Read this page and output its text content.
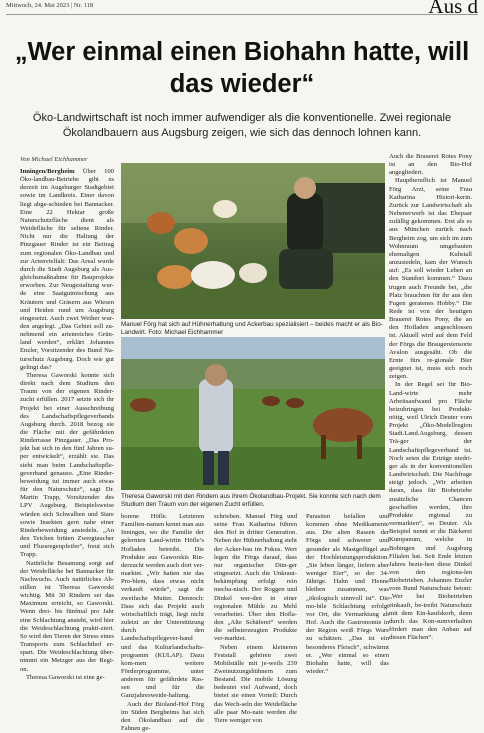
Mittwoch, 24. Mai 2023 | Nr. 118	Aus d
„Wer einmal einen Biohahn hatte, will das wieder“
Öko-Landwirtschaft ist noch immer aufwendiger als die konventionelle. Zwei regionale Ökolandbauern aus Augsburg zeigen, wie sich das dennoch lohnen kann.
Von Michael Eichhammer

Inningen/Bergheim Über 100 Öko-landbau-Betriebe gibt es derzeit im Augsburger Stadtgebiet sowie im Landkreis. Einer davon liegt abge-schieden bei Bannacker. Eine 22 Hektar große Naturschutzfläche dient als Weidefläche für seltene Rinder. Nicht nur die Haltung der Pinzgauer Rinder ist ein Beitrag zum regionalen Öko-Landbau und zur Artenvielfalt: Das Areal wurde durch die Stadt Augsburg als Aus-gleichsmaßnahme für Bauprojekte erworben. Zur Neugestaltung wur-de eine Saatgutmischung aus Kräutern und Gräsern aus Wiesen und Heiden rund um Augsburg eingesetzt. Auch zwei Weiher wur-den angelegt. „Das Gebiet soll zu-nehmend ein artenreiches Grün-land werden“, erklärt Johannes Enzler, Vorsitzender des Bund Na-turschutz Augsburg. Doch wie gut gelingt das?

Theresa Gaworski konnte sich direkt nach dem Studium den Traum von der eigenen Rinder-zucht erfüllen. 2017 setzte sich ihr Projekt bei einer Ausschreibung des Landschaftspflegeverbands Augsburg durch. 2018 bezog sie die Fläche mit der gefährdeten Rinderrasse Pinzgauer. „Das Pro-jekt hat sich in den fünf Jahren su-per entwickelt“, erzählt sie. Das sieht man beim Landschaftspfle-geverband genauso. „Eine Rinder-beweidung tut immer auch etwas für den Naturschutz“, sagt Dr. Martin Trapp, Vorsitzender des LPV Augsburg. Beispielsweise würden sich Schwalben und Stare sowie Insekten gern nahe einer Rinderbeweidung ansiedeln. „An den Teichen brüten Zwergtaucher und Flussregenpfeifer“, freut sich Trapp.

Natürliche Besamung sorgt auf der Weidefläche bei Bannacker für Nachwuchs. Auch natürliches Ab-stillen ist Theresa Gaworski wichtig. Mit 30 Rindern sei das Maximum erreicht, so Gaworski. Wenn drei- bis fünfmal pro Jahr eine Schlachtung ansteht, wird hier die Weideschlachtung prakti-ziert. So wird den Tieren der Stress eines Transports zum Schlachthof er-spart. Die Weideschlachtung über-nimmt ein Metzger aus der Regi-on.

Theresa Gaworski ist eine ge-

Manuel Förg hat sich auf Hühnerhaltung und Ackerbau spezialisiert – beides macht er als Bio-Landwirt. Foto: Michael Eichhammer
Theresa Gaworski mit den Rindern aus ihrem Ökolandbau-Projekt. Sie konnte sich nach dem Studium den Traum von der eigenen Zucht erfüllen.

borene Höfle. Letzteren Familien-namen kennt man aus Inningen, wo die Familie der gelernten Land-wirtin Höfle’s Hofladen betreibt. Die Produkte aus Gaworskis Rin-derzucht werden auch dort ver-marktet. „Wir hatten nie das Pro-blem, dass etwas nicht verkauft würde“, sagt die zweifache Mutter. Dennoch: Dass sich das Projekt auch wirtschaftlich trägt, liegt nicht zuletzt an der Unterstützung durch den Landschaftspflegever-band und das Kulturlandschafts-programm (KULAP). Dazu kom-men weitere Förderprogramme, unter anderem für gefährdete Ras-sen und für die Ganzjahresweide-haltung.

Auch der Bioland-Hof Förg im Süden Bergheims hat sich den Ökolandbau auf die Fahnen ge-

schrieben. Manuel Förg und seine Frau Katharina führen den Hof in dritter Generation. Neben der Hühnerhaltung steht der Acker-bau im Fokus. Wert legen die Förgs darauf, dass nur organischer Dün-ger eingesetzt. Auch die Unkraut-bekämpfung erfolgt rein mecha-nisch. Der Roggen und Dinkel wer-den in einer regionalen Mühle zu Mehl verarbeitet. Über den Hofla-den „Alte Schäferei“ werden die selbsterzeugten Produkte ver-marktet.

Neben einem kleineren Feststall gehören zwei Mobilställe mit je-weils 239 Zweinutzungshühnern zum Bestand. Die mobile Lösung bedeutet viel Aufwand, doch bietet sie einen Vorteil: Durch das Wech-seln der Weidefläche alle paar Mo-nate werden die Tiere weniger von

Parasiten befallen und kommen ohne Medikamente aus. Die alten Rassen der Förgs sind schwerer und gesunder als Mastgeflügel aus der Hochleistungsproduktion. „Sie leben länger, liefern aber weniger Eier“, so der 34-Jährige. Hahn und Henne bleiben zusammen, was „ökologisch sinnvoll ist“. Die mo-bile Schlachtung erfolgt vor Ort, die Vermarktung ab Hof. Auch die Gastronomie in der Region weiß Förgs Ware zu schätzen. „Das ist ein besonderes Fleisch“, schwärmt er. „Wer einmal so einen Biohahn hatte, will das wieder.“

Auch die Brauerei Rotes Pony ist an den Bio-Hof angegliedert.

Hauptberuflich ist Manuel Förg Arzt, seine Frau Katharina Histori-kerin. Zurück zur Landwirtschaft als Nebenerwerb ist das Ehepaar zufällig gekommen. Erst als es aus München zurück nach Bergheim zog, um sich im zum Wohnraum umgebauten ehemaligen Kuhstall anzusiedeln, kam der Wunsch auf: „Es soll wieder Leben an den Standort kommen.“ Dazu trugen auch Freunde bei, „die Platz brauchten für ihr aus den Fugen geratenes Hobby.“ Die Rede ist von der heutigen Brauerei Rotes Pony, die an den Hofladen angeschlossen ist. Aktuell wird auf dem Feld der Förgs die Braugerstensorte Avalon ausgesäht. Ob die Ernte fürs re-gionale Bier geeignet ist, muss sich noch zeigen.

In der Regel sei für Bio-Land-wirte mehr Arbeitsaufwand pro Fläche beizubringen bei Produkt-nötig, weil Ulrich Deuter vom Projekt „Öko-Modellregion Stadt.Land.Augsburg, dessen Trä-ger der Landschaftspflegeverband ist. Noch seien die Erträge niedri-ger als in der konventionellen Landwirtschaft. Die Nachfrage steigt jedoch. „Wir arbeiten daran, dass für Biobetriebe zusätzliche Chancen geschaffen werden, ihre Produkte regional zu vermarkten“, so Deuter. Als Beispiel nennt er die Bäckerei Kumpanum, welche in Bobingen und Augsburg Filialen hat. Seit Ende letzten Jahres bezie-hen diese Dinkel von den regiona-len Biobetrieben. Johannes Enzler vom Bund Naturschutz betont: „Wer bei Biobetrieben einkauft, be-treibt Naturschutz mit dem Ein-kaufskorb, denn durch das Kon-sumverhalten fördert man den Anbau auf diesen Flächen“.
